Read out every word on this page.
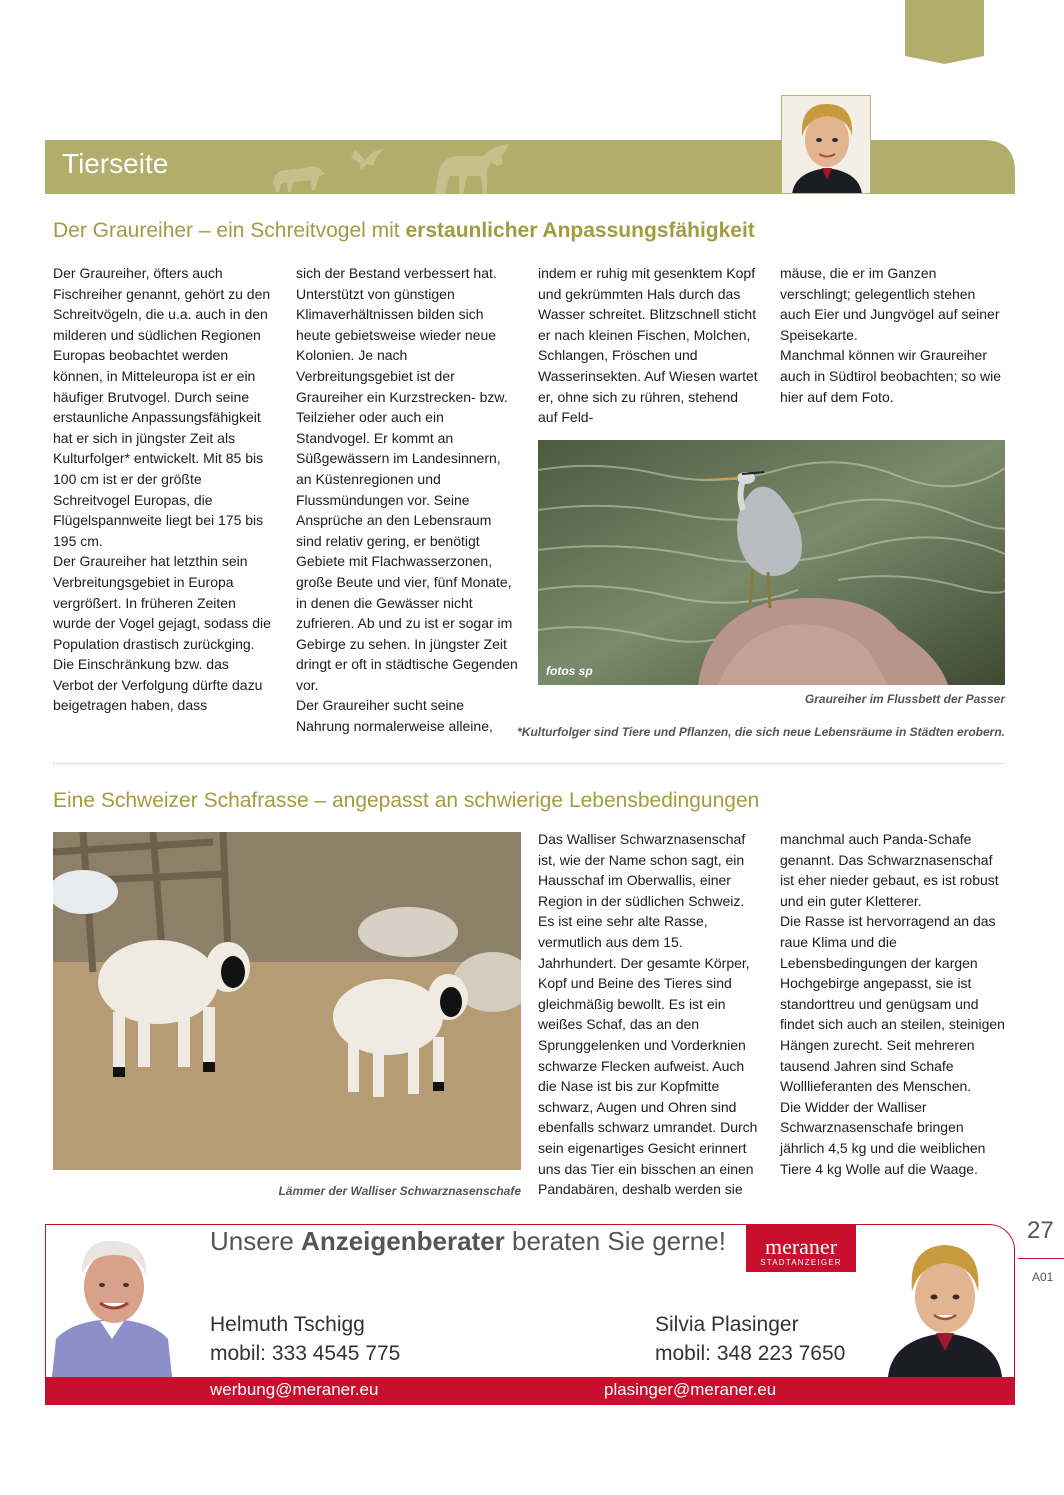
Tierseite
Der Graureiher – ein Schreitvogel mit erstaunlicher Anpassungsfähigkeit

Der Graureiher, öfters auch Fischreiher genannt, gehört zu den Schreitvögeln, die u.a. auch in den milderen und südlichen Regionen Europas beobachtet werden können, in Mitteleuropa ist er ein häufiger Brutvogel. Durch seine erstaunliche Anpassungsfähigkeit hat er sich in jüngster Zeit als Kulturfolger* entwickelt. Mit 85 bis 100 cm ist er der größte Schreitvogel Europas, die Flügelspannweite liegt bei 175 bis 195 cm.

Der Graureiher hat letzthin sein Verbreitungsgebiet in Europa vergrößert. In früheren Zeiten wurde der Vogel gejagt, sodass die Population drastisch zurückging. Die Einschränkung bzw. das Verbot der Verfolgung dürfte dazu beigetragen haben, dass

sich der Bestand verbessert hat. Unterstützt von günstigen Klimaverhältnissen bilden sich heute gebietsweise wieder neue Kolonien. Je nach Verbreitungsgebiet ist der Graureiher ein Kurzstrecken- bzw. Teilzieher oder auch ein Standvogel. Er kommt an Süßgewässern im Landesinnern, an Küstenregionen und Flussmündungen vor. Seine Ansprüche an den Lebensraum sind relativ gering, er benötigt Gebiete mit Flachwasserzonen, große Beute und vier, fünf Monate, in denen die Gewässer nicht zufrieren. Ab und zu ist er sogar im Gebirge zu sehen. In jüngster Zeit dringt er oft in städtische Gegenden vor.

Der Graureiher sucht seine Nahrung normalerweise alleine,

indem er ruhig mit gesenktem Kopf und gekrümmten Hals durch das Wasser schreitet. Blitzschnell sticht er nach kleinen Fischen, Molchen, Schlangen, Fröschen und Wasserinsekten. Auf Wiesen wartet er, ohne sich zu rühren, stehend auf Feld-

mäuse, die er im Ganzen verschlingt; gelegentlich stehen auch Eier und Jungvögel auf seiner Speisekarte.

Manchmal können wir Graureiher auch in Südtirol beobachten; so wie hier auf dem Foto.

fotos sp
Graureiher im Flussbett der Passer
*Kulturfolger sind Tiere und Pflanzen, die sich neue Lebensräume in Städten erobern.
Eine Schweizer Schafrasse – angepasst an schwierige Lebensbedingungen
Lämmer der Walliser Schwarznasenschafe

Das Walliser Schwarznasenschaf ist, wie der Name schon sagt, ein Hausschaf im Oberwallis, einer Region in der südlichen Schweiz. Es ist eine sehr alte Rasse, vermutlich aus dem 15. Jahrhundert. Der gesamte Körper, Kopf und Beine des Tieres sind gleichmäßig bewollt. Es ist ein weißes Schaf, das an den Sprunggelenken und Vorderknien schwarze Flecken aufweist. Auch die Nase ist bis zur Kopfmitte schwarz, Augen und Ohren sind ebenfalls schwarz umrandet. Durch sein eigenartiges Gesicht erinnert uns das Tier ein bisschen an einen Pandabären, deshalb werden sie

manchmal auch Panda-Schafe genannt. Das Schwarznasenschaf ist eher nieder gebaut, es ist robust und ein guter Kletterer.

Die Rasse ist hervorragend an das raue Klima und die Lebensbedingungen der kargen Hochgebirge angepasst, sie ist standorttreu und genügsam und findet sich auch an steilen, steinigen Hängen zurecht. Seit mehreren tausend Jahren sind Schafe Wolllieferanten des Menschen.

Die Widder der Walliser Schwarznasenschafe bringen jährlich 4,5 kg und die weiblichen Tiere 4 kg Wolle auf die Waage.

Unsere Anzeigenberater beraten Sie gerne!	meraner
STADTANZEIGER
Helmuth Tschigg
mobil: 333 4545 775
werbung@meraner.eu
Silvia Plasinger
mobil: 348 223 7650
plasinger@meraner.eu
27
A01
